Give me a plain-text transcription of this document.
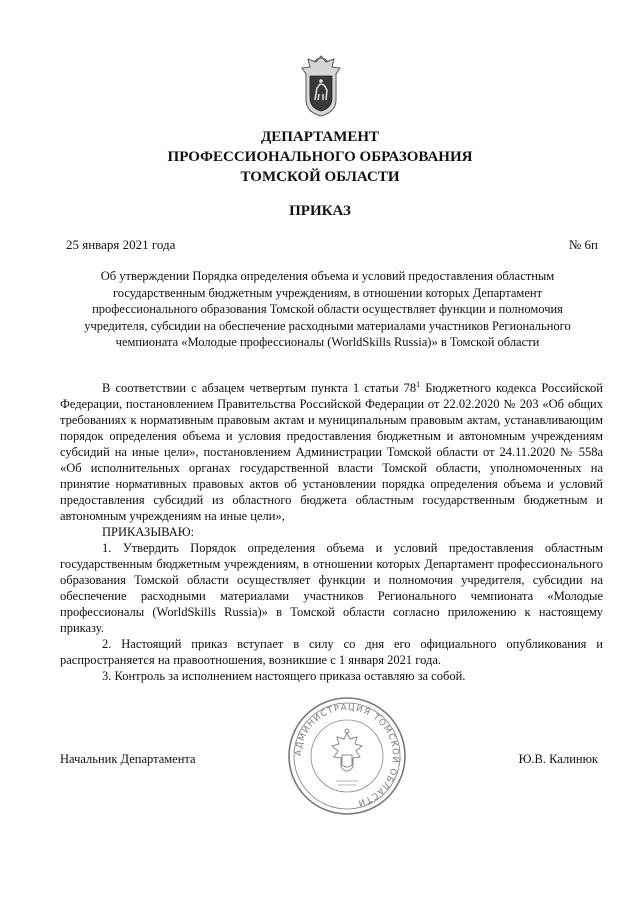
ДЕПАРТАМЕНТ
ПРОФЕССИОНАЛЬНОГО ОБРАЗОВАНИЯ
ТОМСКОЙ ОБЛАСТИ
ПРИКАЗ
25 января 2021 года	№ 6п
Об утверждении Порядка определения объема и условий предоставления областным государственным бюджетным учреждениям, в отношении которых Департамент профессионального образования Томской области осуществляет функции и полномочия учредителя, субсидии на обеспечение расходными материалами участников Регионального чемпионата «Молодые профессионалы (WorldSkills Russia)» в Томской области

В соответствии с абзацем четвертым пункта 1 статьи $78^1$ Бюджетного кодекса Российской Федерации, постановлением Правительства Российской Федерации от 22.02.2020 № 203 «Об общих требованиях к нормативным правовым актам и муниципальным правовым актам, устанавливающим порядок определения объема и условия предоставления бюджетным и автономным учреждениям субсидий на иные цели», постановлением Администрации Томской области от 24.11.2020 № 558а «Об исполнительных органах государственной власти Томской области, уполномоченных на принятие нормативных правовых актов об установлении порядка определения объема и условий предоставления субсидий из областного бюджета областным государственным бюджетным и автономным учреждениям на иные цели»,

ПРИКАЗЫВАЮ:

1. Утвердить Порядок определения объема и условий предоставления областным государственным бюджетным учреждениям, в отношении которых Департамент профессионального образования Томской области осуществляет функции и полномочия учредителя, субсидии на обеспечение расходными материалами участников Регионального чемпионата «Молодые профессионалы (WorldSkills Russia)» в Томской области согласно приложению к настоящему приказу.

2. Настоящий приказ вступает в силу со дня его официального опубликования и распространяется на правоотношения, возникшие с 1 января 2021 года.

3. Контроль за исполнением настоящего приказа оставляю за собой.

АДМИНИСТРАЦИЯ ТОМСКОЙ ОБЛАСТИ
Начальник Департамента	Ю.В. Калинюк
